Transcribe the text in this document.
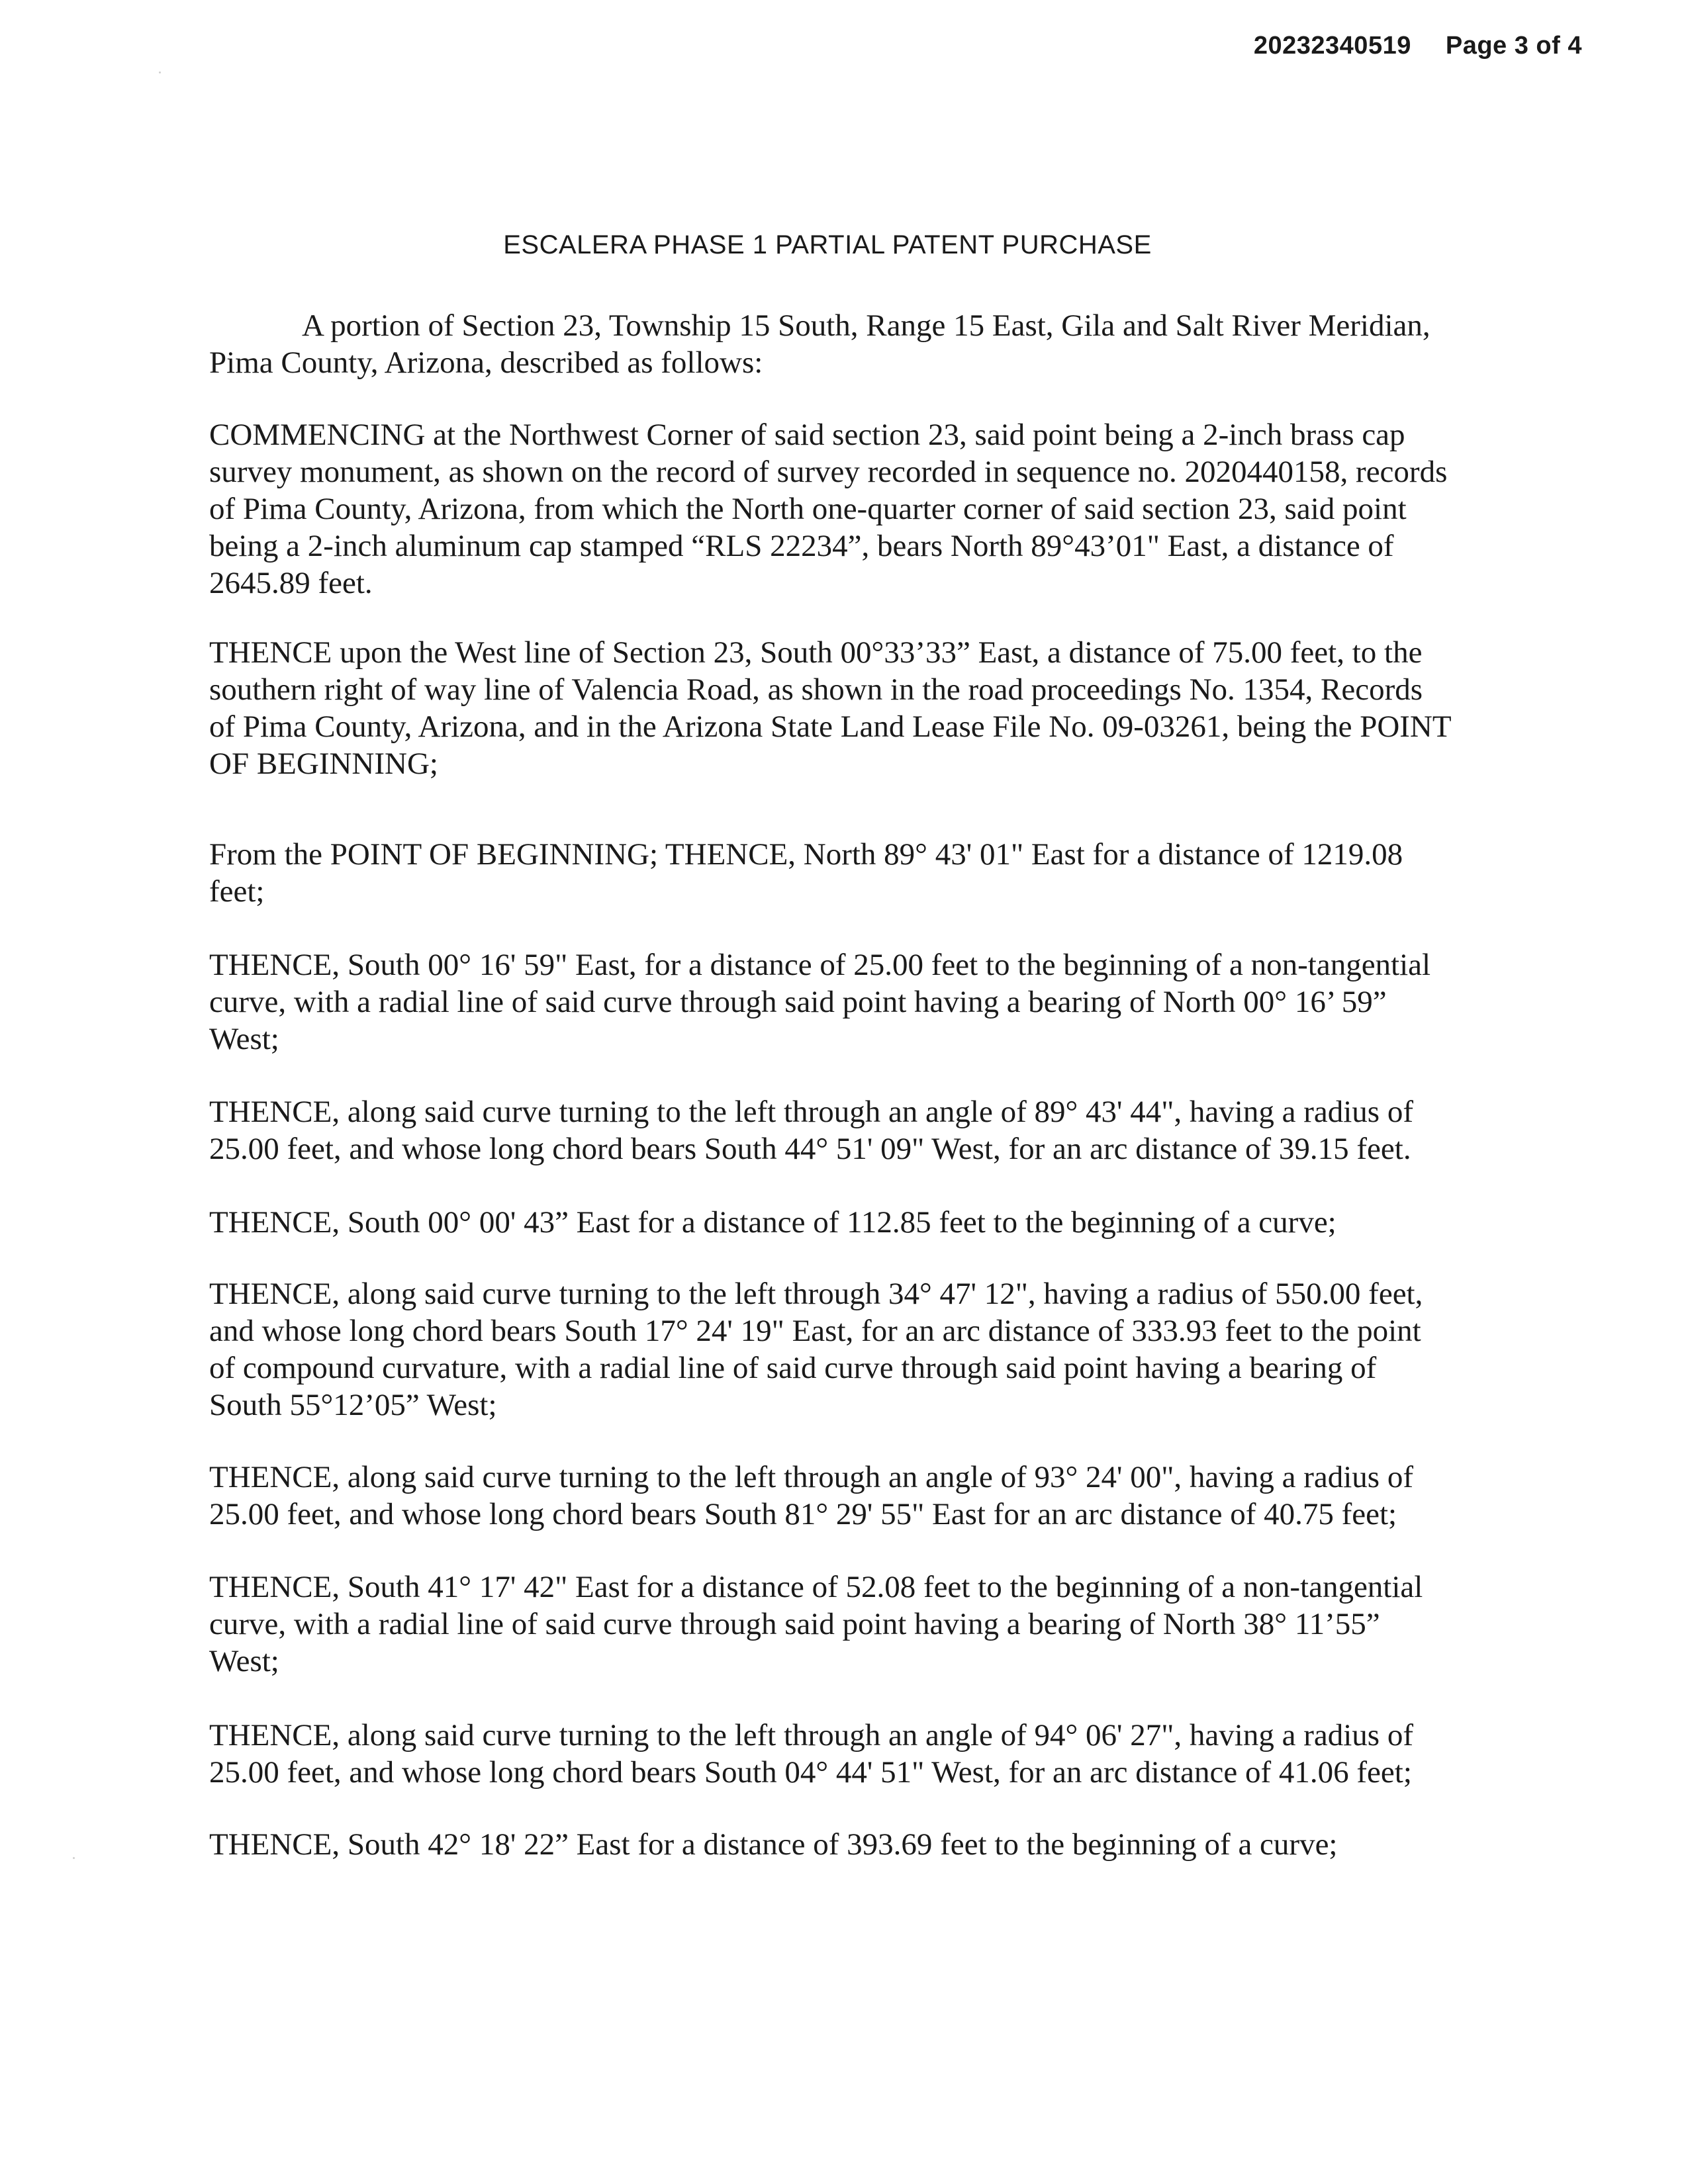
20232340519 Page 3 of 4
ESCALERA PHASE 1 PARTIAL PATENT PURCHASE

A portion of Section 23, Township 15 South, Range 15 East, Gila and Salt River Meridian, Pima County, Arizona, described as follows:

COMMENCING at the Northwest Corner of said section 23, said point being a 2-inch brass cap survey monument, as shown on the record of survey recorded in sequence no. 2020440158, records of Pima County, Arizona, from which the North one-quarter corner of said section 23, said point being a 2-inch aluminum cap stamped “RLS 22234”, bears North 89°43’01" East, a distance of 2645.89 feet.

THENCE upon the West line of Section 23, South 00°33’33” East, a distance of 75.00 feet, to the southern right of way line of Valencia Road, as shown in the road proceedings No. 1354, Records of Pima County, Arizona, and in the Arizona State Land Lease File No. 09-03261, being the POINT OF BEGINNING;

From the POINT OF BEGINNING; THENCE, North 89° 43' 01" East for a distance of 1219.08 feet;

THENCE, South 00° 16' 59" East, for a distance of 25.00 feet to the beginning of a non-tangential curve, with a radial line of said curve through said point having a bearing of North 00° 16’ 59” West;

THENCE, along said curve turning to the left through an angle of 89° 43' 44", having a radius of 25.00 feet, and whose long chord bears South 44° 51' 09" West, for an arc distance of 39.15 feet.

THENCE, South 00° 00' 43” East for a distance of 112.85 feet to the beginning of a curve;

THENCE, along said curve turning to the left through 34° 47' 12", having a radius of 550.00 feet, and whose long chord bears South 17° 24' 19" East, for an arc distance of 333.93 feet to the point of compound curvature, with a radial line of said curve through said point having a bearing of South 55°12’05” West;

THENCE, along said curve turning to the left through an angle of 93° 24' 00", having a radius of 25.00 feet, and whose long chord bears South 81° 29' 55" East for an arc distance of 40.75 feet;

THENCE, South 41° 17' 42" East for a distance of 52.08 feet to the beginning of a non-tangential curve, with a radial line of said curve through said point having a bearing of North 38° 11’55” West;

THENCE, along said curve turning to the left through an angle of 94° 06' 27", having a radius of 25.00 feet, and whose long chord bears South 04° 44' 51" West, for an arc distance of 41.06 feet;

THENCE, South 42° 18' 22” East for a distance of 393.69 feet to the beginning of a curve;
